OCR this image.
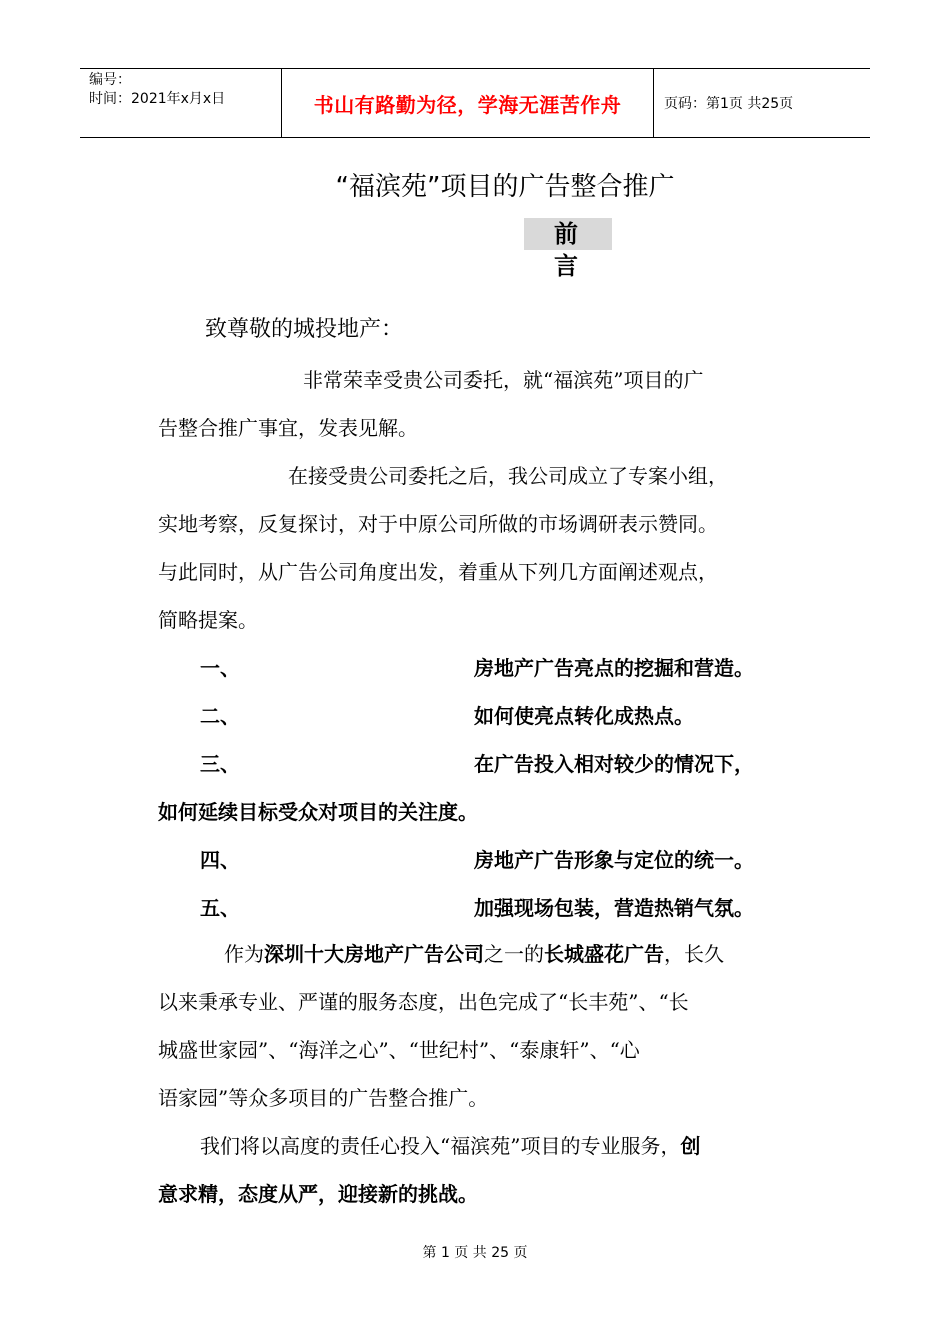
编号：
时间：2021年x月x日	书山有路勤为径，学海无涯苦作舟	页码：第1页 共25页
“福滨苑”项目的广告整合推广
前言
致尊敬的城投地产：
非常荣幸受贵公司委托，就“福滨苑”项目的广
告整合推广事宜，发表见解。
在接受贵公司委托之后，我公司成立了专案小组，
实地考察，反复探讨，对于中原公司所做的市场调研表示赞同。
与此同时，从广告公司角度出发，着重从下列几方面阐述观点，
简略提案。
一、	房地产广告亮点的挖掘和营造。
二、	如何使亮点转化成热点。
三、	在广告投入相对较少的情况下，
如何延续目标受众对项目的关注度。
四、	房地产广告形象与定位的统一。
五、	加强现场包装，营造热销气氛。
作为深圳十大房地产广告公司之一的长城盛花广告，长久
以来秉承专业、严谨的服务态度，出色完成了“长丰苑”、“长
城盛世家园”、“海洋之心”、“世纪村”、“泰康轩”、“心
语家园”等众多项目的广告整合推广。
我们将以高度的责任心投入“福滨苑”项目的专业服务，创
意求精，态度从严，迎接新的挑战。
第 1 页 共 25 页
